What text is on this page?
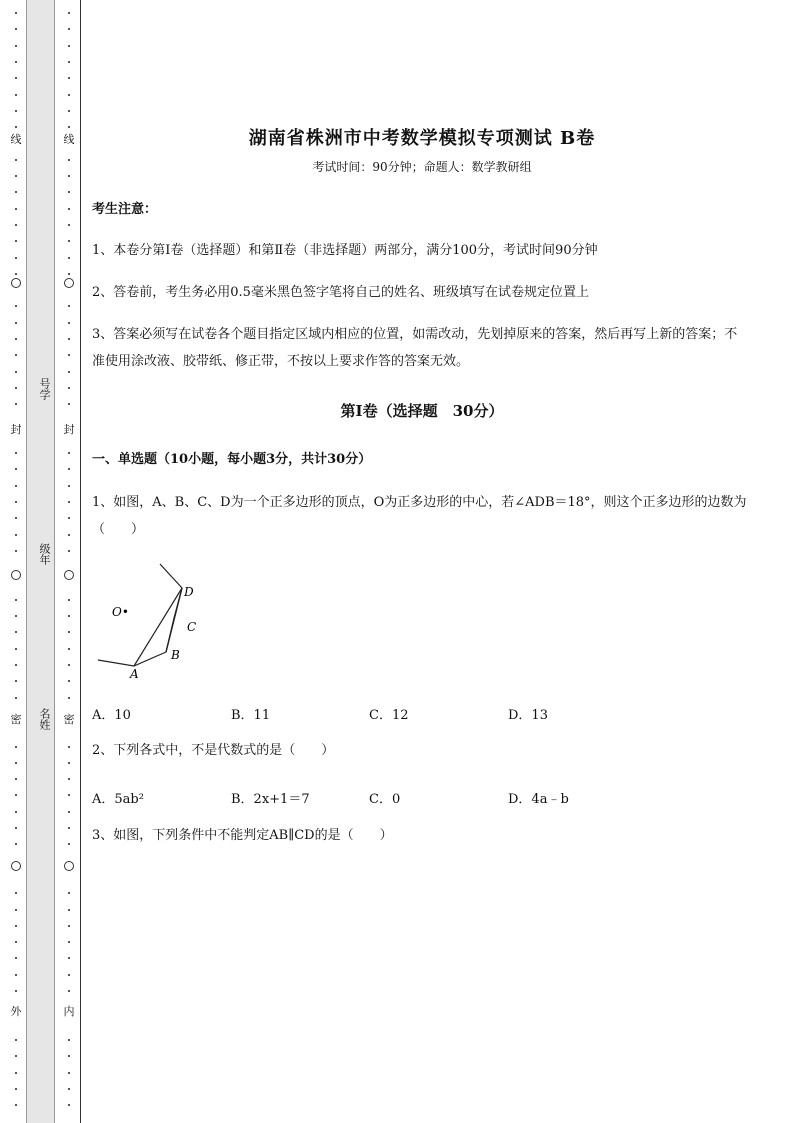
线
封
密
外
号学
级年
名姓
线
封
密
内
湖南省株洲市中考数学模拟专项测试 B卷
考试时间：90分钟；命题人：数学教研组
考生注意：
1、本卷分第I卷（选择题）和第Ⅱ卷（非选择题）两部分，满分100分，考试时间90分钟
2、答卷前，考生务必用0.5毫米黑色签字笔将自己的姓名、班级填写在试卷规定位置上
3、答案必须写在试卷各个题目指定区域内相应的位置，如需改动，先划掉原来的答案，然后再写上新的答案；不准使用涂改液、胶带纸、修正带，不按以上要求作答的答案无效。
第I卷（选择题　30分）
一、单选题（10小题，每小题3分，共计30分）
1、如图，A、B、C、D为一个正多边形的顶点，O为正多边形的中心，若∠ADB＝18°，则这个正多边形的边数为（　　）
A．10	B．11	C．12	D．13
2、下列各式中，不是代数式的是（　　）
A．5ab²	B．2x+1＝7	C．0	D．4a﹣b
3、如图，下列条件中不能判定AB∥CD的是（　　）
O•
D
C
B
A
